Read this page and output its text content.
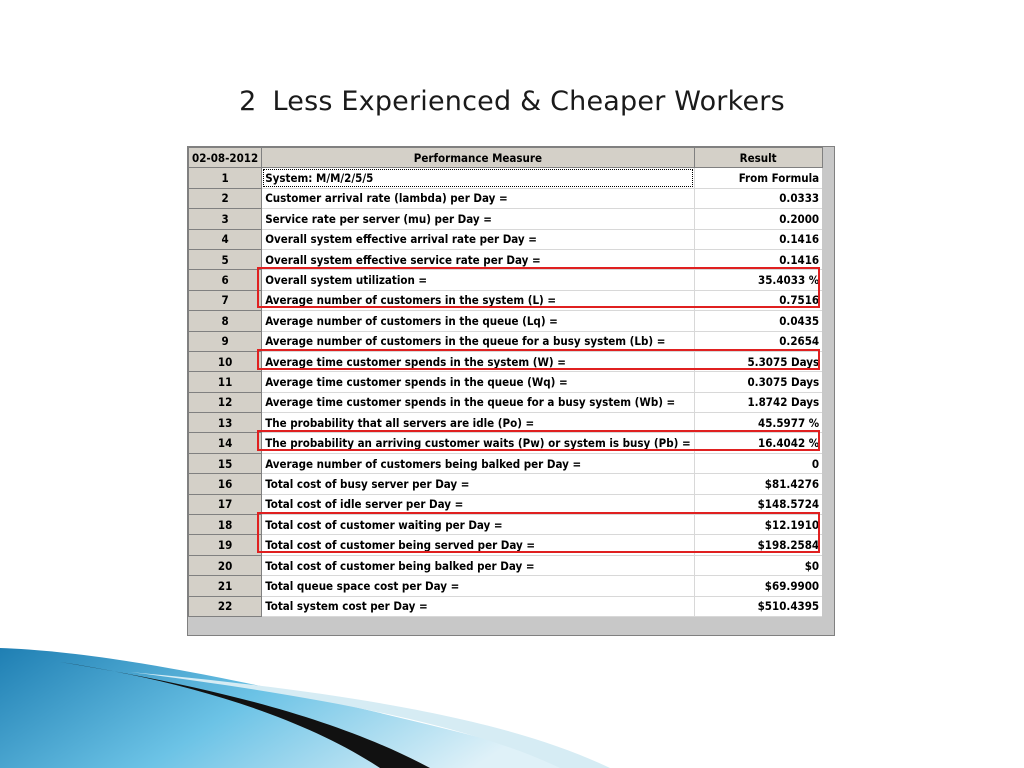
2 Less Experienced & Cheaper Workers
02-08-2012	Performance Measure	Result
1	System: M/M/2/5/5	From Formula
2	Customer arrival rate (lambda) per Day =	0.0333
3	Service rate per server (mu) per Day =	0.2000
4	Overall system effective arrival rate per Day =	0.1416
5	Overall system effective service rate per Day =	0.1416
6	Overall system utilization =	35.4033 %
7	Average number of customers in the system (L) =	0.7516
8	Average number of customers in the queue (Lq) =	0.0435
9	Average number of customers in the queue for a busy system (Lb) =	0.2654
10	Average time customer spends in the system (W) =	5.3075 Days
11	Average time customer spends in the queue (Wq) =	0.3075 Days
12	Average time customer spends in the queue for a busy system (Wb) =	1.8742 Days
13	The probability that all servers are idle (Po) =	45.5977 %
14	The probability an arriving customer waits (Pw) or system is busy (Pb) =	16.4042 %
15	Average number of customers being balked per Day =	0
16	Total cost of busy server per Day =	$81.4276
17	Total cost of idle server per Day =	$148.5724
18	Total cost of customer waiting per Day =	$12.1910
19	Total cost of customer being served per Day =	$198.2584
20	Total cost of customer being balked per Day =	$0
21	Total queue space cost per Day =	$69.9900
22	Total system cost per Day =	$510.4395
